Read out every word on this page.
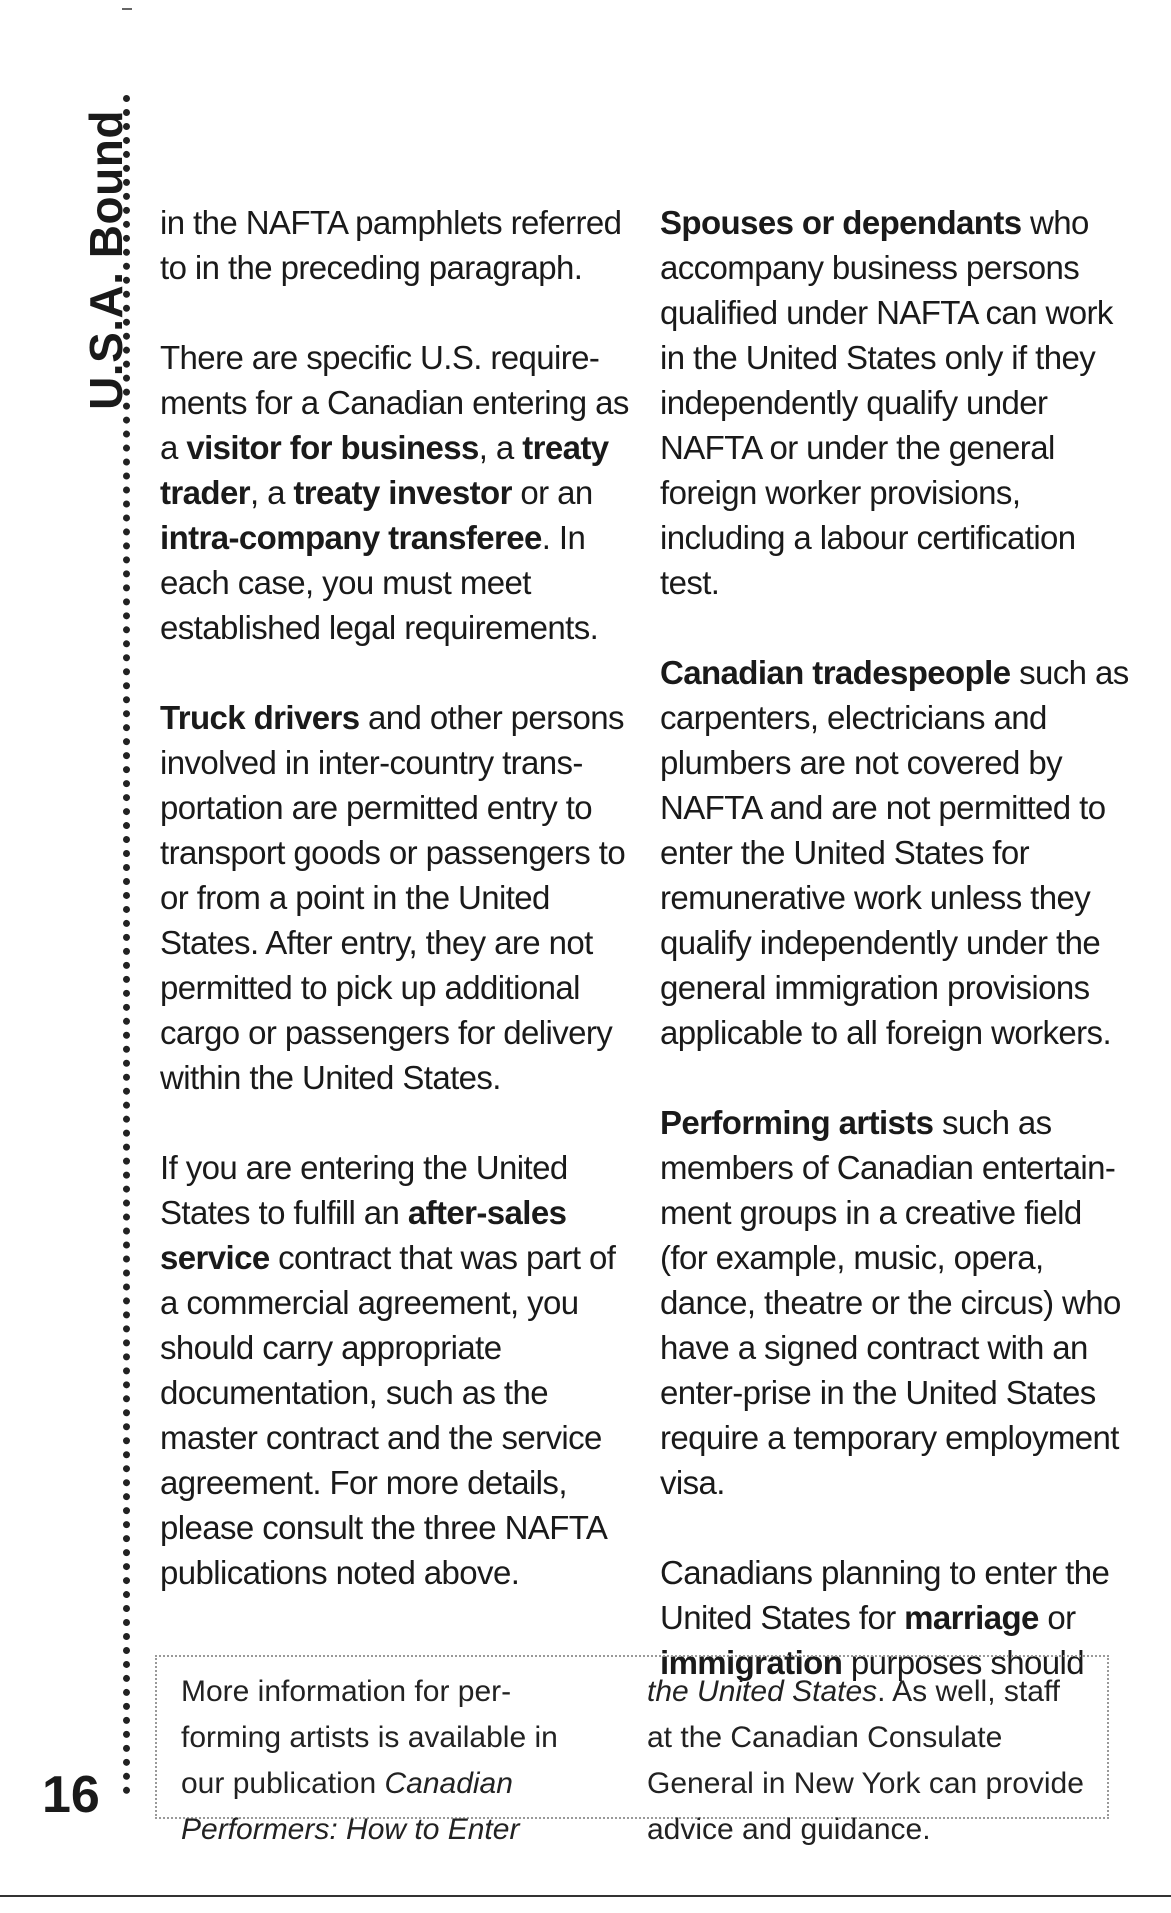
U.S.A. Bound
16

in the NAFTA pamphlets referred to in the preceding paragraph.

There are specific U.S. require-ments for a Canadian entering as a visitor for business, a treaty trader, a treaty investor or an intra-company transferee. In each case, you must meet established legal requirements.

Truck drivers and other persons involved in inter-country trans-portation are permitted entry to transport goods or passengers to or from a point in the United States. After entry, they are not permitted to pick up additional cargo or passengers for delivery within the United States.

If you are entering the United States to fulfill an after-sales service contract that was part of a commercial agreement, you should carry appropriate documentation, such as the master contract and the service agreement. For more details, please consult the three NAFTA publications noted above.

Spouses or dependants who accompany business persons qualified under NAFTA can work in the United States only if they independently qualify under NAFTA or under the general foreign worker provisions, including a labour certification test.

Canadian tradespeople such as carpenters, electricians and plumbers are not covered by NAFTA and are not permitted to enter the United States for remunerative work unless they qualify independently under the general immigration provisions applicable to all foreign workers.

Performing artists such as members of Canadian entertain-ment groups in a creative field (for example, music, opera, dance, theatre or the circus) who have a signed contract with an enter-prise in the United States require a temporary employment visa.

Canadians planning to enter the United States for marriage or immigration purposes should

More information for per-forming artists is available in our publication Canadian Performers: How to Enter
the United States. As well, staff at the Canadian Consulate General in New York can provide advice and guidance.
